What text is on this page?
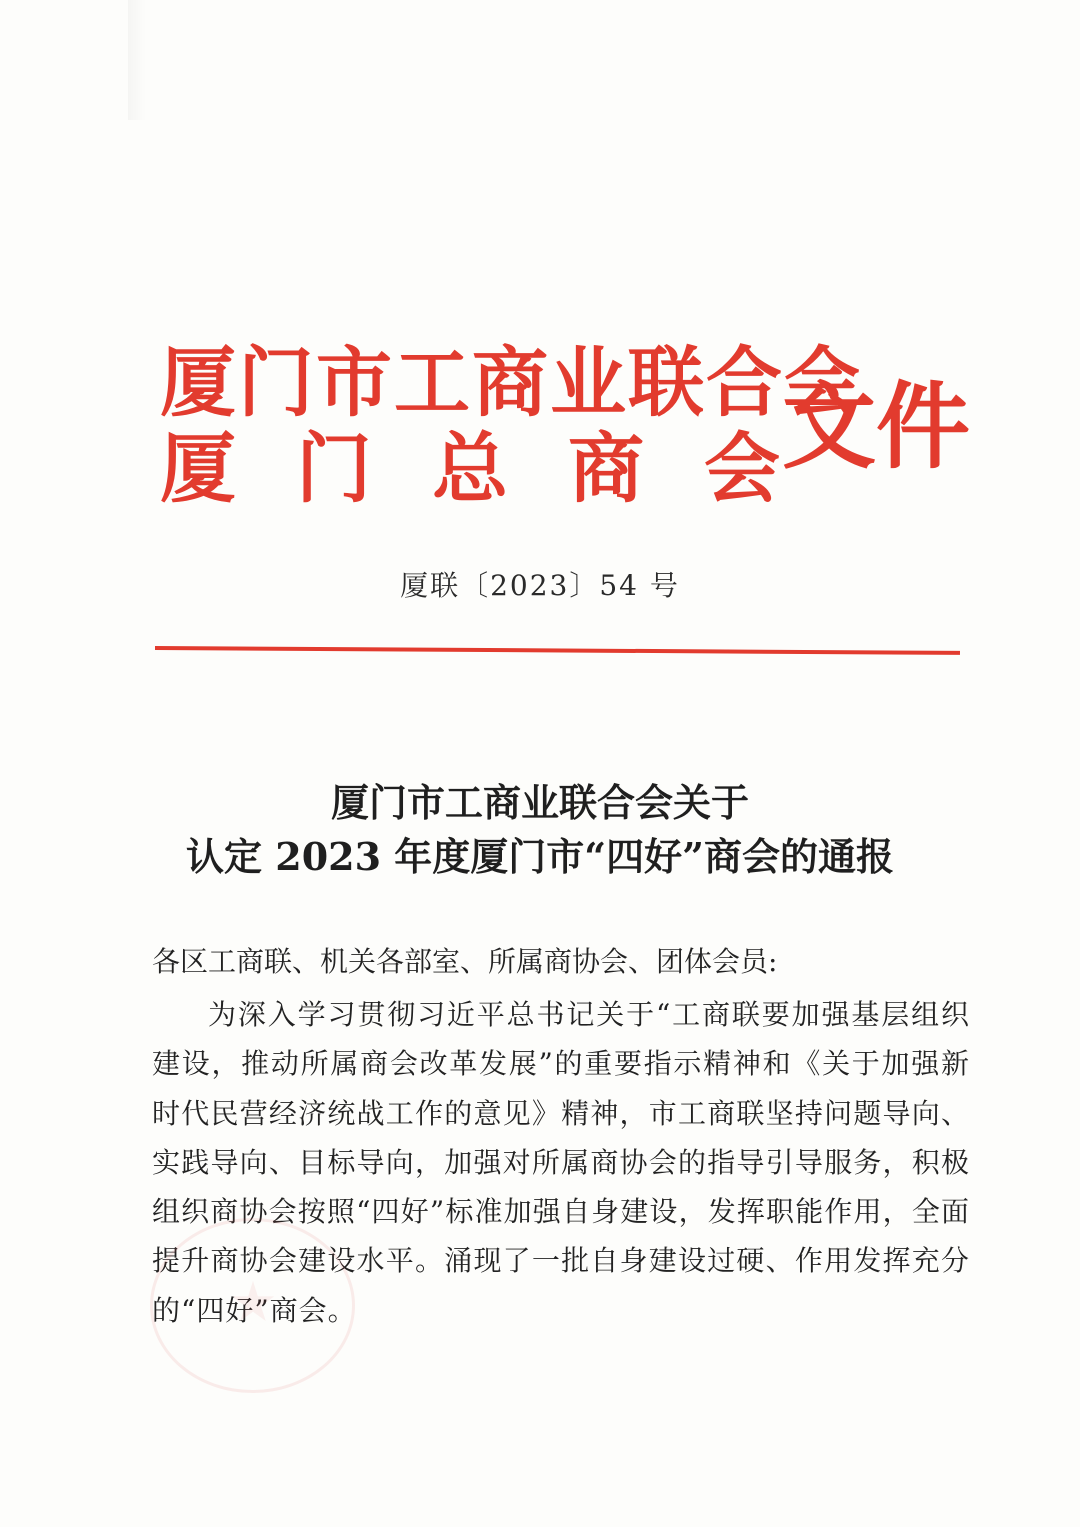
厦门市工商业联合会
厦 门 总 商 会 文件
厦联〔2023〕54 号
厦门市工商业联合会关于
认定 2023 年度厦门市“四好”商会的通报
各区工商联、机关各部室、所属商协会、团体会员:
为深入学习贯彻习近平总书记关于“工商联要加强基层组织建设，推动所属商会改革发展”的重要指示精神和《关于加强新时代民营经济统战工作的意见》精神，市工商联坚持问题导向、实践导向、目标导向，加强对所属商协会的指导引导服务，积极组织商协会按照“四好”标准加强自身建设，发挥职能作用，全面提升商协会建设水平。涌现了一批自身建设过硬、作用发挥充分的“四好”商会。
